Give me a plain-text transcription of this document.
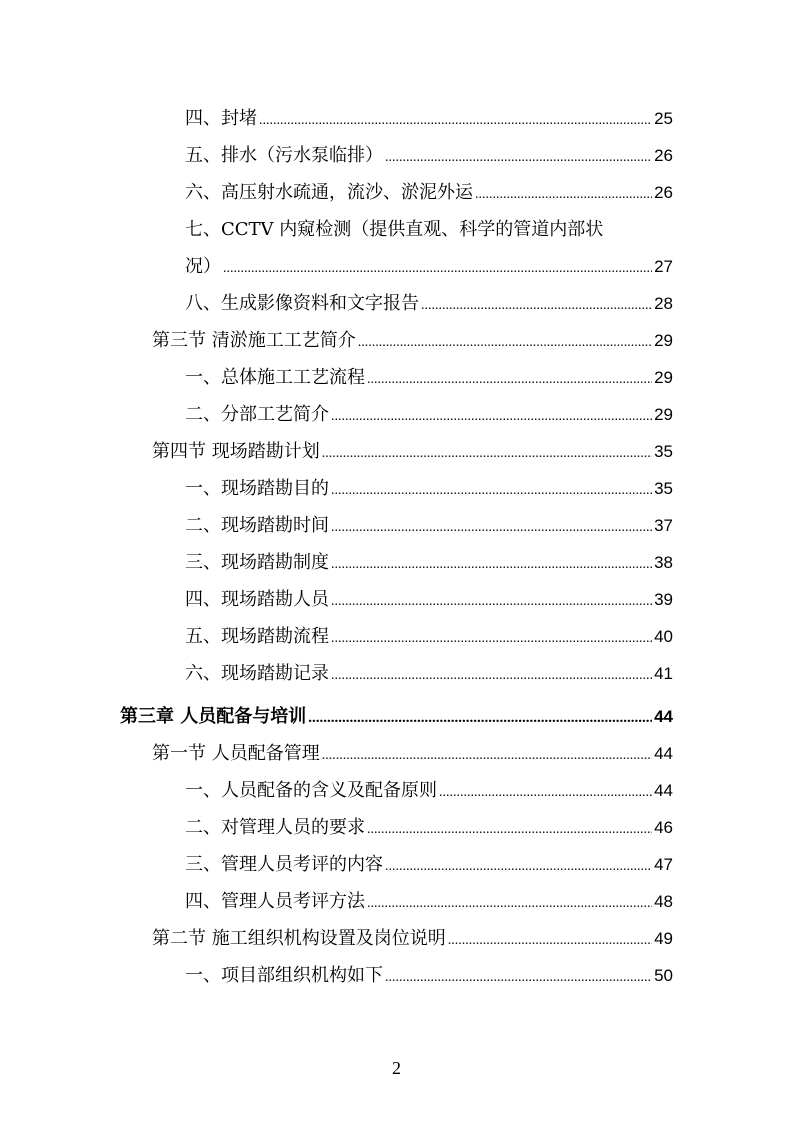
四、封堵 .....	25
五、排水（污水泵临排） .....	26
六、高压射水疏通，流沙、淤泥外运 .....	26
七、CCTV 内窥检测（提供直观、科学的管道内部状
况） .....	27
八、生成影像资料和文字报告 .....	28
第三节 清淤施工工艺简介 .....	29
一、总体施工工艺流程 .....	29
二、分部工艺简介 .....	29
第四节 现场踏勘计划 .....	35
一、现场踏勘目的 .....	35
二、现场踏勘时间 .....	37
三、现场踏勘制度 .....	38
四、现场踏勘人员 .....	39
五、现场踏勘流程 .....	40
六、现场踏勘记录 .....	41
第三章 人员配备与培训 .....	44
第一节 人员配备管理 .....	44
一、人员配备的含义及配备原则 .....	44
二、对管理人员的要求 .....	46
三、管理人员考评的内容 .....	47
四、管理人员考评方法 .....	48
第二节 施工组织机构设置及岗位说明 .....	49
一、项目部组织机构如下 .....	50
2
